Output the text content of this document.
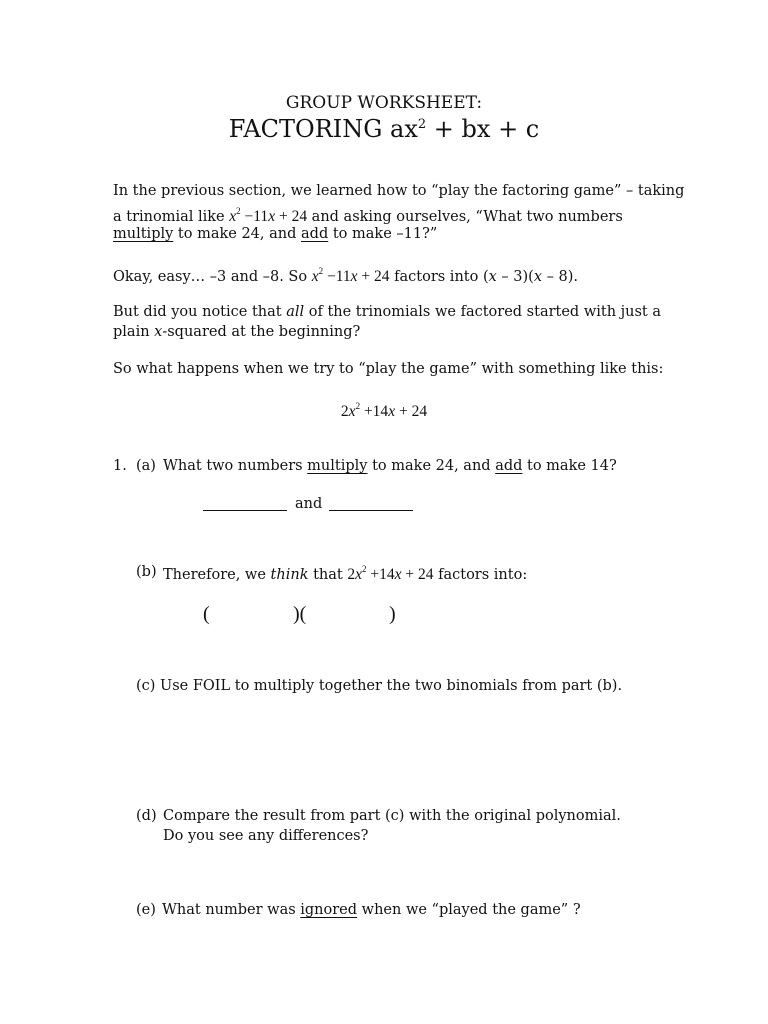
GROUP WORKSHEET:
FACTORING $ax^2$ + bx + c
In the previous section, we learned how to “play the factoring game” – taking
a trinomial like $x^2 -11x + 24$ and asking ourselves, “What two numbers
multiply to make 24, and add to make –11?”
Okay, easy… –3 and –8. So $x^2 -11x + 24$ factors into (x – 3)(x – 8).
But did you notice that all of the trinomials we factored started with just a
plain x-squared at the beginning?
So what happens when we try to “play the game” with something like this:
$2x^2 +14x + 24$
1. (a) What two numbers multiply to make 24, and add to make 14?
and
(b) Therefore, we think that $2x^2 +14x + 24$ factors into:
(	)(	)
(c) Use FOIL to multiply together the two binomials from part (b).
(d) Compare the result from part (c) with the original polynomial.
Do you see any differences?
(e) What number was ignored when we “played the game” ?
